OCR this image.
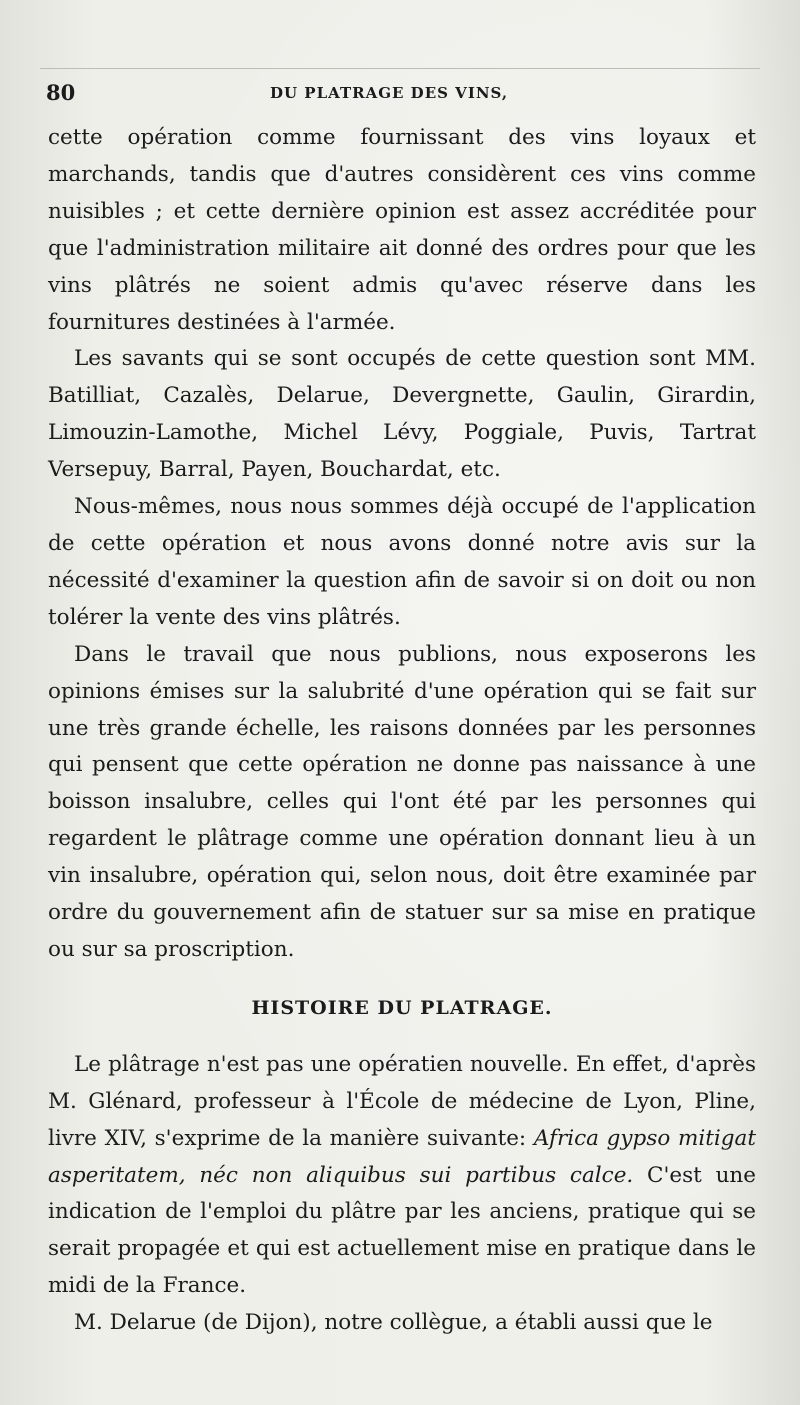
80	DU PLATRAGE DES VINS,

cette opération comme fournissant des vins loyaux et marchands, tandis que d'autres considèrent ces vins comme nuisibles ; et cette dernière opinion est assez accréditée pour que l'administration militaire ait donné des ordres pour que les vins plâtrés ne soient admis qu'avec réserve dans les fournitures destinées à l'armée.

Les savants qui se sont occupés de cette question sont MM. Batilliat, Cazalès, Delarue, Devergnette, Gaulin, Girardin, Limouzin-Lamothe, Michel Lévy, Poggiale, Puvis, Tartrat Versepuy, Barral, Payen, Bouchardat, etc.

Nous-mêmes, nous nous sommes déjà occupé de l'application de cette opération et nous avons donné notre avis sur la nécessité d'examiner la question afin de savoir si on doit ou non tolérer la vente des vins plâtrés.

Dans le travail que nous publions, nous exposerons les opinions émises sur la salubrité d'une opération qui se fait sur une très grande échelle, les raisons données par les personnes qui pensent que cette opération ne donne pas naissance à une boisson insalubre, celles qui l'ont été par les personnes qui regardent le plâtrage comme une opération donnant lieu à un vin insalubre, opération qui, selon nous, doit être examinée par ordre du gouvernement afin de statuer sur sa mise en pratique ou sur sa proscription.

HISTOIRE DU PLATRAGE.

Le plâtrage n'est pas une opératien nouvelle. En effet, d'après M. Glénard, professeur à l'École de médecine de Lyon, Pline, livre XIV, s'exprime de la manière suivante: Africa gypso mitigat asperitatem, néc non aliquibus sui partibus calce. C'est une indication de l'emploi du plâtre par les anciens, pratique qui se serait propagée et qui est actuellement mise en pratique dans le midi de la France.

M. Delarue (de Dijon), notre collègue, a établi aussi que le
